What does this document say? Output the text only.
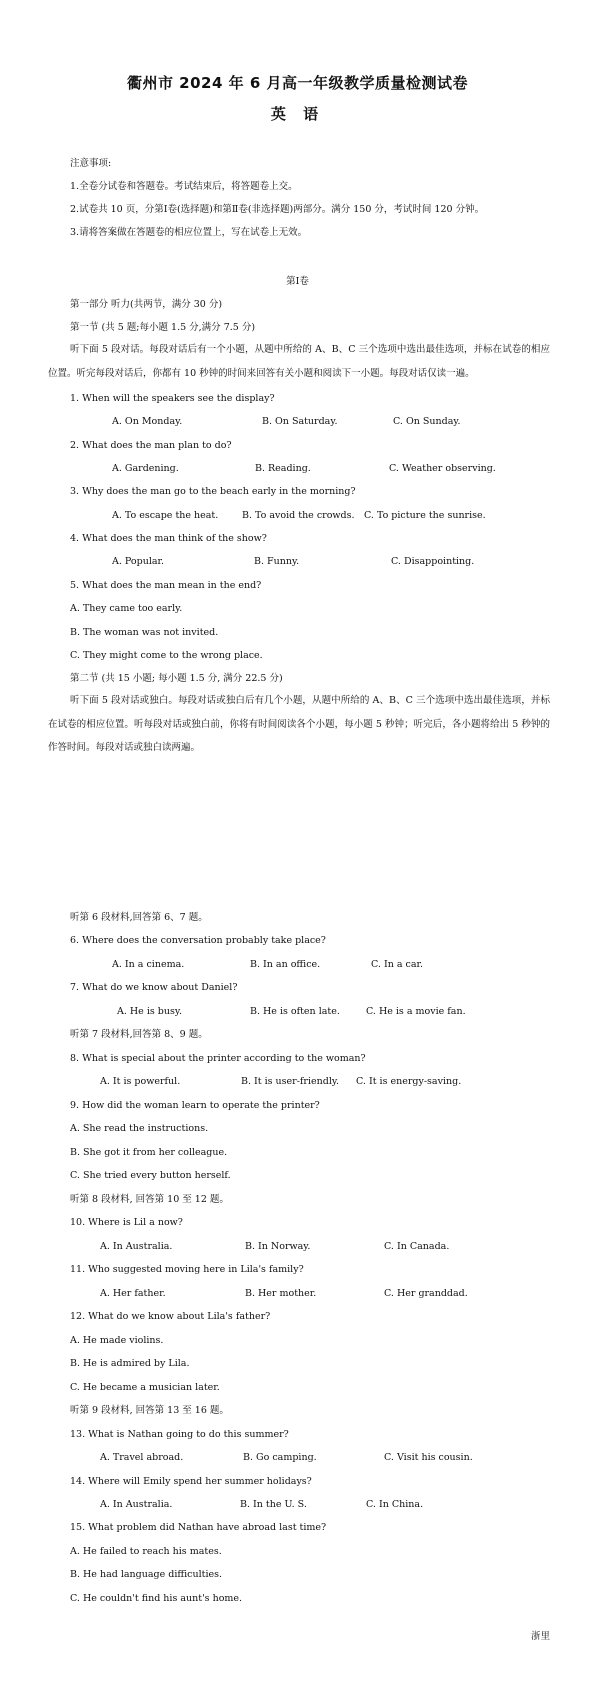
衢州市 2024 年 6 月高一年级教学质量检测试卷
英 语
注意事项:
1.全卷分试卷和答题卷。考试结束后，将答题卷上交。
2.试卷共 10 页，分第Ⅰ卷(选择题)和第Ⅱ卷(非选择题)两部分。满分 150 分，考试时间 120 分钟。
3.请将答案做在答题卷的相应位置上，写在试卷上无效。
第Ⅰ卷
第一部分 听力(共两节，满分 30 分)
第一节 (共 5 题;每小题 1.5 分,满分 7.5 分)
听下面 5 段对话。每段对话后有一个小题，从题中所给的 A、B、C 三个选项中选出最佳选项，并标在试卷的相应位置。听完每段对话后，你都有 10 秒钟的时间来回答有关小题和阅读下一小题。每段对话仅读一遍。
1. When will the speakers see the display?
A. On Monday.	B. On Saturday.	C. On Sunday.
2. What does the man plan to do?
A. Gardening.	B. Reading.	C. Weather observing.
3. Why does the man go to the beach early in the morning?
A. To escape the heat. B. To avoid the crowds. C. To picture the sunrise.
4. What does the man think of the show?
A. Popular.	B. Funny.	C. Disappointing.
5. What does the man mean in the end?
A. They came too early.
B. The woman was not invited.
C. They might come to the wrong place.
第二节 (共 15 小题; 每小题 1.5 分, 满分 22.5 分)
听下面 5 段对话或独白。每段对话或独白后有几个小题，从题中所给的 A、B、C 三个选项中选出最佳选项，并标在试卷的相应位置。听每段对话或独白前，你将有时间阅读各个小题，每小题 5 秒钟；听完后，各小题将给出 5 秒钟的作答时间。每段对话或独白读两遍。
听第 6 段材料,回答第 6、7 题。
6. Where does the conversation probably take place?
A. In a cinema.	B. In an office.	C. In a car.
7. What do we know about Daniel?
A. He is busy.	B. He is often late.	C. He is a movie fan.
听第 7 段材料,回答第 8、9 题。
8. What is special about the printer according to the woman?
A. It is powerful.	B. It is user-friendly. C. It is energy-saving.
9. How did the woman learn to operate the printer?
A. She read the instructions.
B. She got it from her colleague.
C. She tried every button herself.
听第 8 段材料, 回答第 10 至 12 题。
10. Where is Lil a now?
A. In Australia.	B. In Norway.	C. In Canada.
11. Who suggested moving here in Lila's family?
A. Her father.	B. Her mother.	C. Her granddad.
12. What do we know about Lila's father?
A. He made violins.
B. He is admired by Lila.
C. He became a musician later.
听第 9 段材料, 回答第 13 至 16 题。
13. What is Nathan going to do this summer?
A. Travel abroad.	B. Go camping.	C. Visit his cousin.
14. Where will Emily spend her summer holidays?
A. In Australia.	B. In the U. S.	C. In China.
15. What problem did Nathan have abroad last time?
A. He failed to reach his mates.
B. He had language difficulties.
C. He couldn't find his aunt's home.
浙里
